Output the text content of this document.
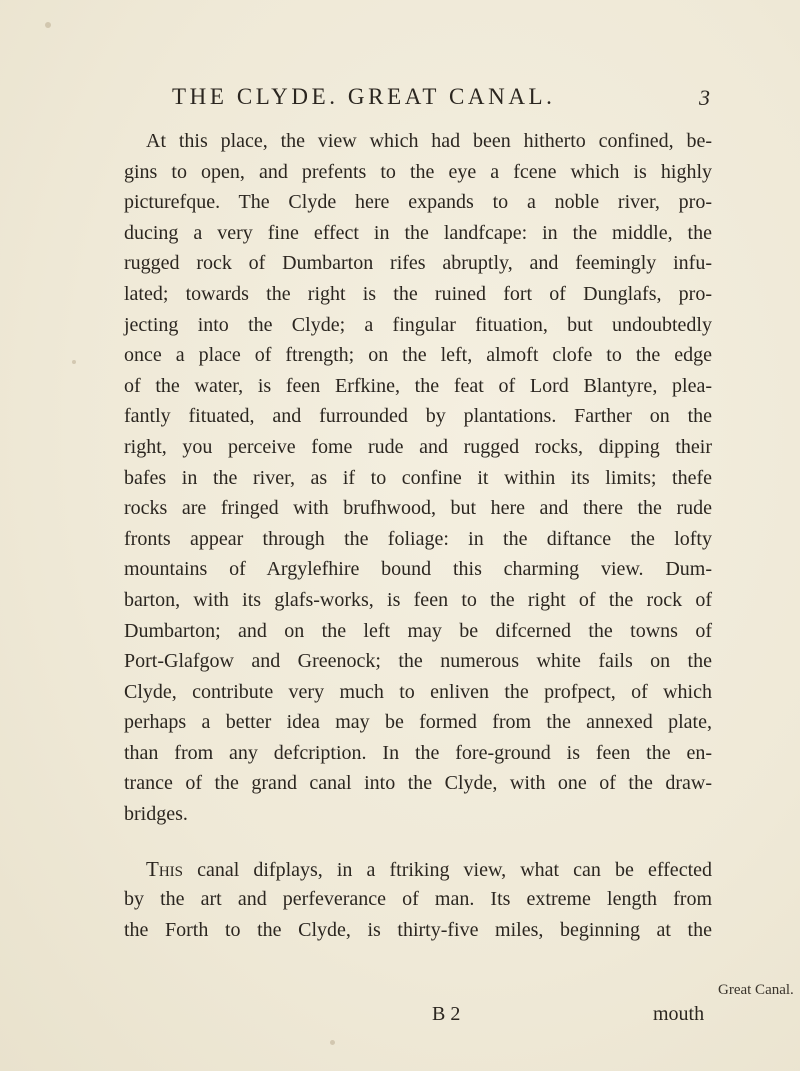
THE CLYDE. GREAT CANAL.	3
At this place, the view which had been hitherto confined, be-
gins to open, and prefents to the eye a fcene which is highly
picturefque. The Clyde here expands to a noble river, pro-
ducing a very fine effect in the landfcape: in the middle, the
rugged rock of Dumbarton rifes abruptly, and feemingly infu-
lated; towards the right is the ruined fort of Dunglafs, pro-
jecting into the Clyde; a fingular fituation, but undoubtedly
once a place of ftrength; on the left, almoft clofe to the edge
of the water, is feen Erfkine, the feat of Lord Blantyre, plea-
fantly fituated, and furrounded by plantations. Farther on the
right, you perceive fome rude and rugged rocks, dipping their
bafes in the river, as if to confine it within its limits; thefe
rocks are fringed with brufhwood, but here and there the rude
fronts appear through the foliage: in the diftance the lofty
mountains of Argylefhire bound this charming view. Dum-
barton, with its glafs-works, is feen to the right of the rock of
Dumbarton; and on the left may be difcerned the towns of
Port-Glafgow and Greenock; the numerous white fails on the
Clyde, contribute very much to enliven the profpect, of which
perhaps a better idea may be formed from the annexed plate,
than from any defcription. In the fore-ground is feen the en-
trance of the grand canal into the Clyde, with one of the draw-
bridges.
This canal difplays, in a ftriking view, what can be effected
by the art and perfeverance of man. Its extreme length from
the Forth to the Clyde, is thirty-five miles, beginning at the
Great Canal.
B 2	mouth
